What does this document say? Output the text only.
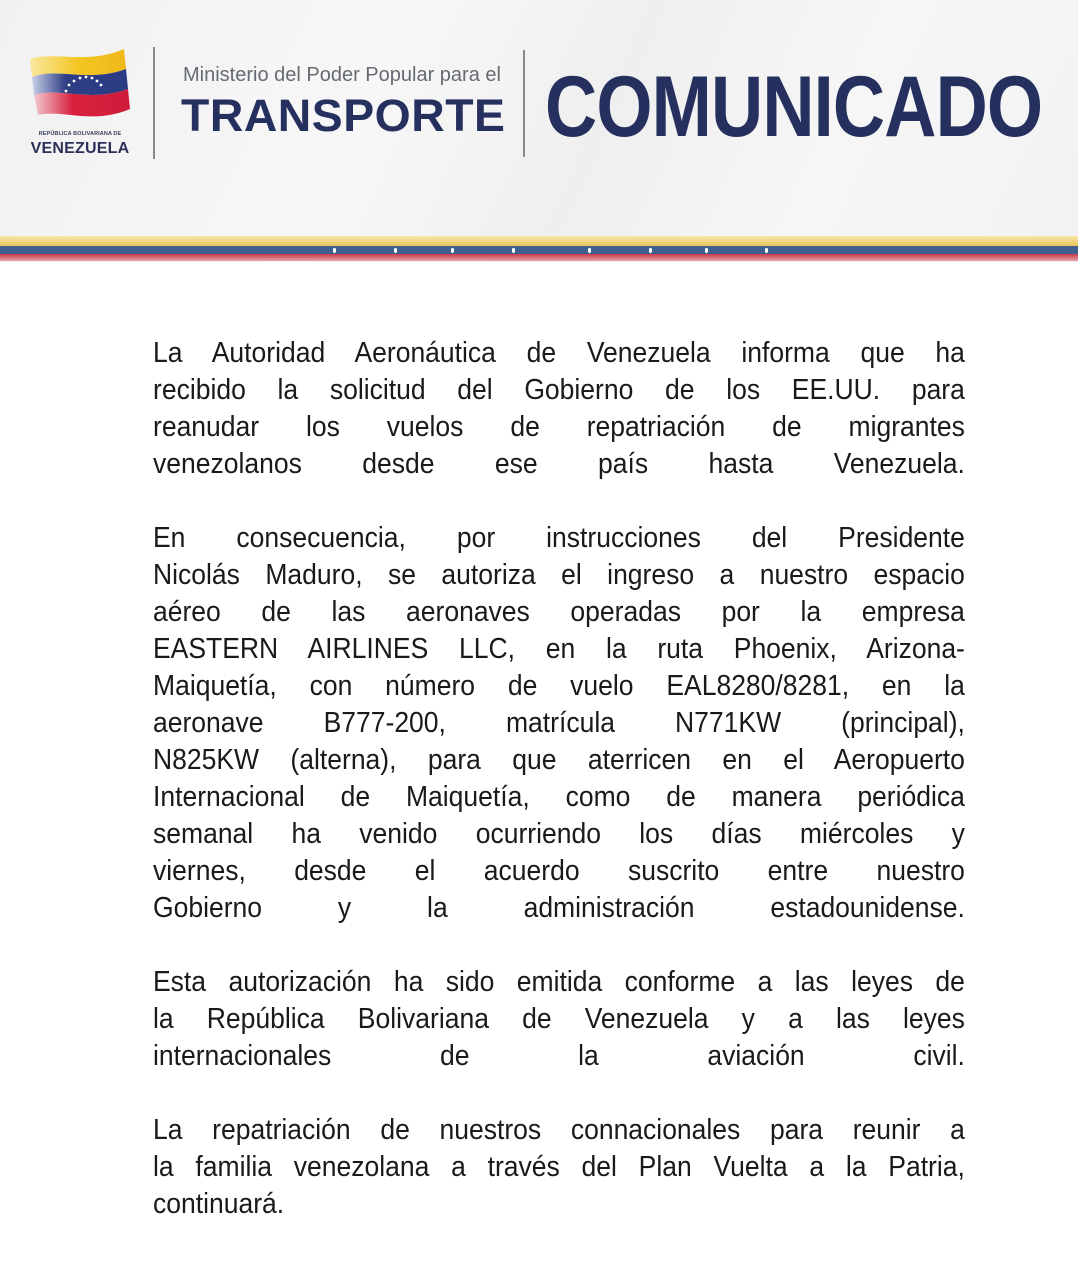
REPÚBLICA BOLIVARIANA DE
VENEZUELA
Ministerio del Poder Popular para el
TRANSPORTE COMUNICADO
La Autoridad Aeronáutica de Venezuela informa que ha
recibido la solicitud del Gobierno de los EE.UU. para
reanudar los vuelos de repatriación de migrantes
venezolanos desde ese país hasta Venezuela.
En consecuencia, por instrucciones del Presidente
Nicolás Maduro, se autoriza el ingreso a nuestro espacio
aéreo de las aeronaves operadas por la empresa
EASTERN AIRLINES LLC, en la ruta Phoenix, Arizona-
Maiquetía, con número de vuelo EAL8280/8281, en la
aeronave B777-200, matrícula N771KW (principal),
N825KW (alterna), para que aterricen en el Aeropuerto
Internacional de Maiquetía, como de manera periódica
semanal ha venido ocurriendo los días miércoles y
viernes, desde el acuerdo suscrito entre nuestro
Gobierno y la administración estadounidense.
Esta autorización ha sido emitida conforme a las leyes de
la República Bolivariana de Venezuela y a las leyes
internacionales de la aviación civil.
La repatriación de nuestros connacionales para reunir a
la familia venezolana a través del Plan Vuelta a la Patria,
continuará.
